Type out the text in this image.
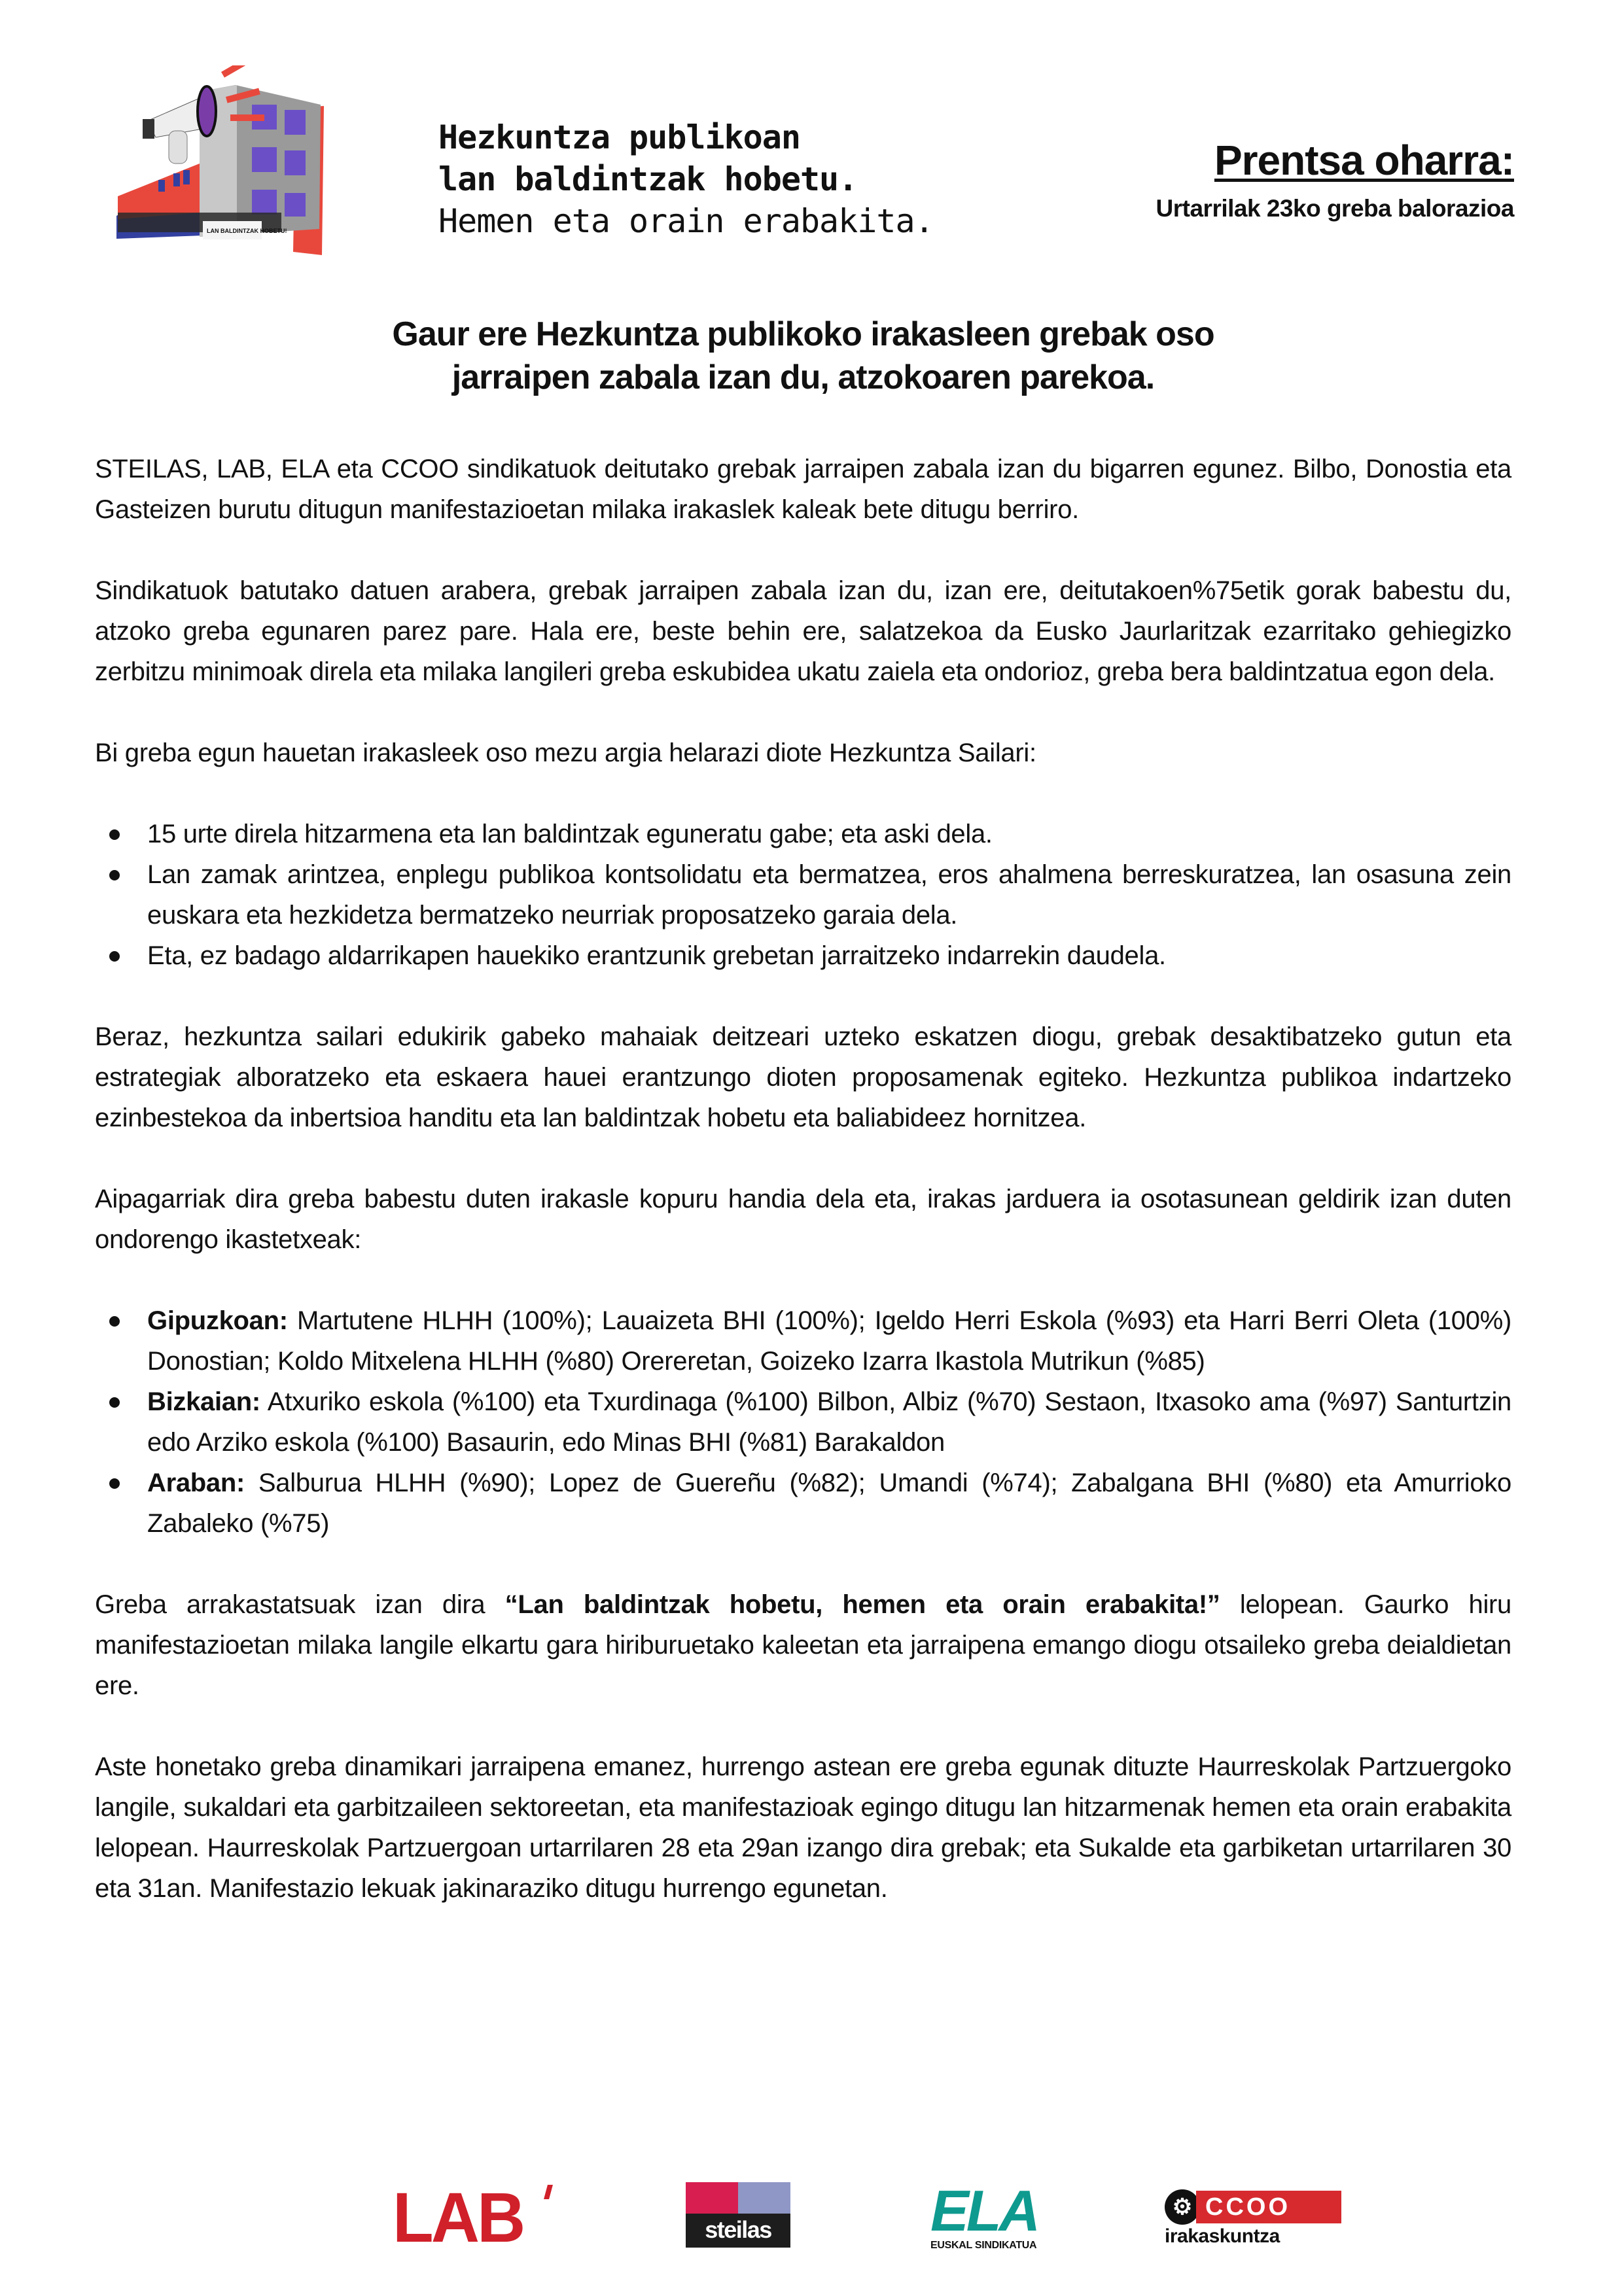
LAN BALDINTZAK HOBETU!
Hezkuntza publikoan
lan baldintzak hobetu.
Hemen eta orain erabakita.
Prentsa oharra:
Urtarrilak 23ko greba balorazioa
Gaur ere Hezkuntza publikoko irakasleen grebak oso
jarraipen zabala izan du, atzokoaren parekoa.

STEILAS, LAB, ELA eta CCOO sindikatuok deitutako grebak jarraipen zabala izan du bigarren egunez. Bilbo, Donostia eta Gasteizen burutu ditugun manifestazioetan milaka irakaslek kaleak bete ditugu berriro.

Sindikatuok batutako datuen arabera, grebak jarraipen zabala izan du, izan ere, deitutakoen%75etik gorak babestu du, atzoko greba egunaren parez pare. Hala ere, beste behin ere, salatzekoa da Eusko Jaurlaritzak ezarritako gehiegizko zerbitzu minimoak direla eta milaka langileri greba eskubidea ukatu zaiela eta ondorioz, greba bera baldintzatua egon dela.

Bi greba egun hauetan irakasleek oso mezu argia helarazi diote Hezkuntza Sailari:

15 urte direla hitzarmena eta lan baldintzak eguneratu gabe; eta aski dela.
Lan zamak arintzea, enplegu publikoa kontsolidatu eta bermatzea, eros ahalmena berreskuratzea, lan osasuna zein euskara eta hezkidetza bermatzeko neurriak proposatzeko garaia dela.
Eta, ez badago aldarrikapen hauekiko erantzunik grebetan jarraitzeko indarrekin daudela.

Beraz, hezkuntza sailari edukirik gabeko mahaiak deitzeari uzteko eskatzen diogu, grebak desaktibatzeko gutun eta estrategiak alboratzeko eta eskaera hauei erantzungo dioten proposamenak egiteko. Hezkuntza publikoa indartzeko ezinbestekoa da inbertsioa handitu eta lan baldintzak hobetu eta baliabideez hornitzea.

Aipagarriak dira greba babestu duten irakasle kopuru handia dela eta, irakas jarduera ia osotasunean geldirik izan duten ondorengo ikastetxeak:

Gipuzkoan: Martutene HLHH (100%); Lauaizeta BHI (100%); Igeldo Herri Eskola (%93) eta Harri Berri Oleta (100%) Donostian; Koldo Mitxelena HLHH (%80) Orereretan, Goizeko Izarra Ikastola Mutrikun (%85)
Bizkaian: Atxuriko eskola (%100) eta Txurdinaga (%100) Bilbon, Albiz (%70) Sestaon, Itxasoko ama (%97) Santurtzin edo Arziko eskola (%100) Basaurin, edo Minas BHI (%81) Barakaldon
Araban: Salburua HLHH (%90); Lopez de Guereñu (%82); Umandi (%74); Zabalgana BHI (%80) eta Amurrioko Zabaleko (%75)

Greba arrakastatsuak izan dira “Lan baldintzak hobetu, hemen eta orain erabakita!” lelopean. Gaurko hiru manifestazioetan milaka langile elkartu gara hiriburuetako kaleetan eta jarraipena emango diogu otsaileko greba deialdietan ere.

Aste honetako greba dinamikari jarraipena emanez, hurrengo astean ere greba egunak dituzte Haurreskolak Partzuergoko langile, sukaldari eta garbitzaileen sektoreetan, eta manifestazioak egingo ditugu lan hitzarmenak hemen eta orain erabakita lelopean. Haurreskolak Partzuergoan urtarrilaren 28 eta 29an izango dira grebak; eta Sukalde eta garbiketan urtarrilaren 30 eta 31an. Manifestazio lekuak jakinaraziko ditugu hurrengo egunetan.

LAB	steilas	ELA
EUSKAL SINDIKATUA
⚙ CCOO
irakaskuntza
